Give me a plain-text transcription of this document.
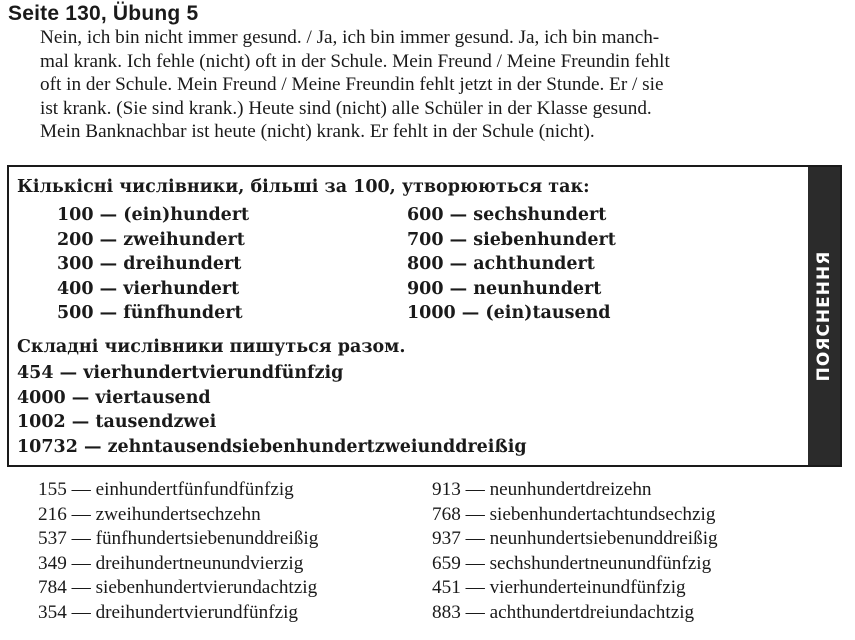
Seite 130, Übung 5
Nein, ich bin nicht immer gesund. / Ja, ich bin immer gesund. Ja, ich bin manch-
mal krank. Ich fehle (nicht) oft in der Schule. Mein Freund / Meine Freundin fehlt
oft in der Schule. Mein Freund / Meine Freundin fehlt jetzt in der Stunde. Er / sie
ist krank. (Sie sind krank.) Heute sind (nicht) alle Schüler in der Klasse gesund.
Mein Banknachbar ist heute (nicht) krank. Er fehlt in der Schule (nicht).
Кількісні числівники, більші за 100, утворюються так:
100 — (ein)hundert
200 — zweihundert
300 — dreihundert
400 — vierhundert
500 — fünfhundert
600 — sechshundert
700 — siebenhundert
800 — achthundert
900 — neunhundert
1000 — (ein)tausend
Складні числівники пишуться разом.
454 — vierhundertvierundfünfzig
4000 — viertausend
1002 — tausendzwei
10732 — zehntausendsiebenhundertzweiunddreißig
ПОЯСНЕННЯ
155 — einhundertfünfundfünfzig
216 — zweihundertsechzehn
537 — fünfhundertsiebenunddreißig
349 — dreihundertneunundvierzig
784 — siebenhundertvierundachtzig
354 — dreihundertvierundfünfzig
913 — neunhundertdreizehn
768 — siebenhundertachtundsechzig
937 — neunhundertsiebenunddreißig
659 — sechshundertneunundfünfzig
451 — vierhunderteinundfünfzig
883 — achthundertdreiundachtzig
